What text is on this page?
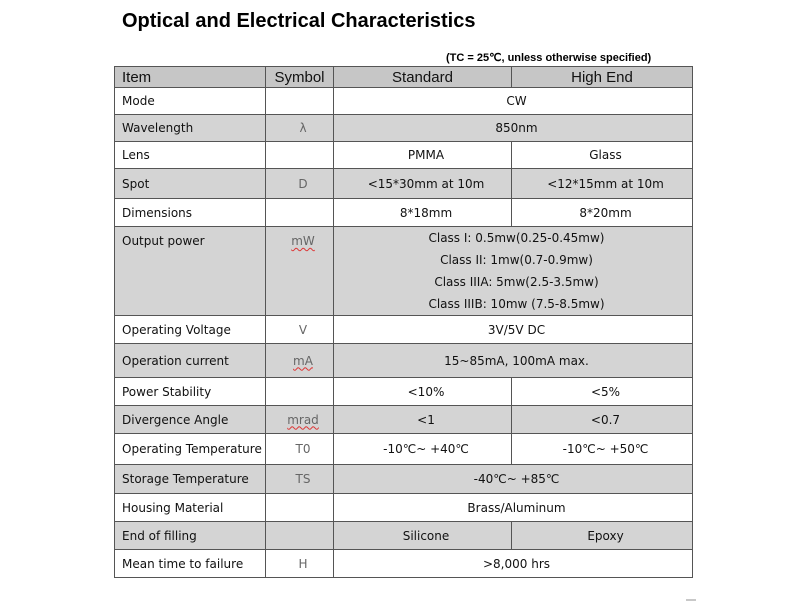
Optical and Electrical Characteristics
(TC = 25℃, unless otherwise specified)
Item	Symbol	Standard	High End
Mode		CW	
Wavelength	λ	850nm	
Lens		PMMA	Glass
Spot	D	<15*30mm at 10m	<12*15mm at 10m
Dimensions		8*18mm	8*20mm
Output power	mW	Class I: 0.5mw(0.25-0.45mw)
Class II: 1mw(0.7-0.9mw)
Class IIIA: 5mw(2.5-3.5mw)
Class IIIB: 10mw (7.5-8.5mw)	

Operating Voltage	V	3V/5V DC	
Operation current	mA	15~85mA, 100mA max.	
Power Stability		<10%	<5%
Divergence Angle	mrad	<1	<0.7
Operating Temperature	T0	-10℃~ +40℃	-10℃~ +50℃
Storage Temperature	TS	-40℃~ +85℃	
Housing Material		Brass/Aluminum	
End of filling		Silicone	Epoxy
Mean time to failure	H	>8,000 hrs	
